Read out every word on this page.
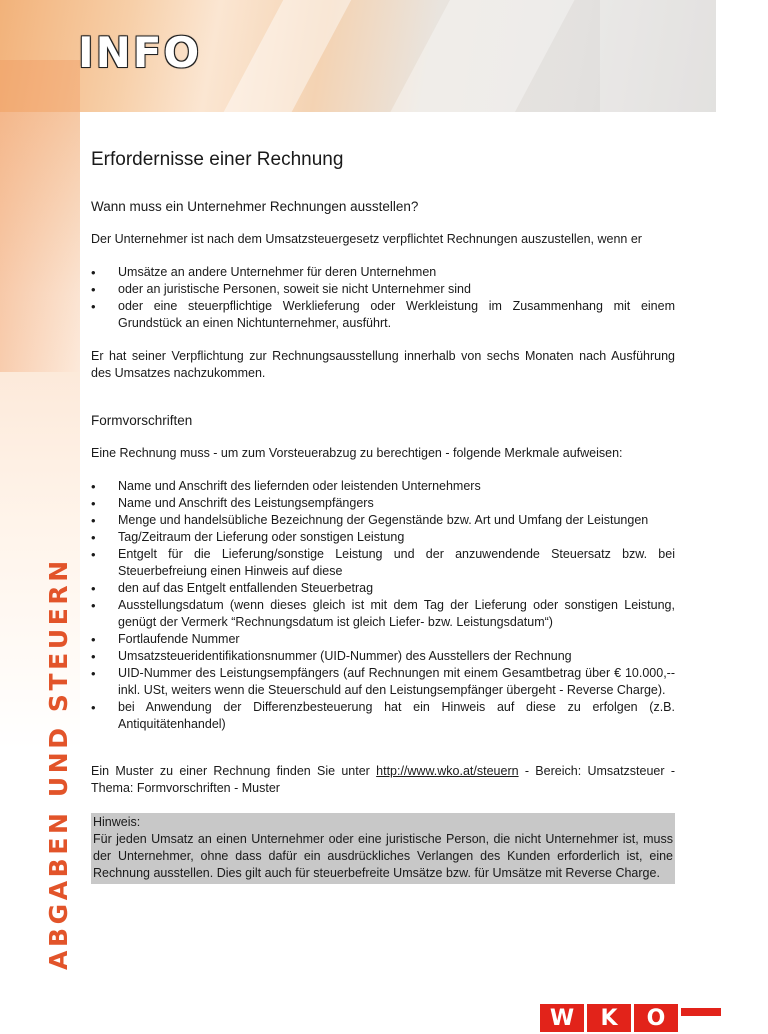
INFO
ABGABEN UND STEUERN
Erfordernisse einer Rechnung
Wann muss ein Unternehmer Rechnungen ausstellen?

Der Unternehmer ist nach dem Umsatzsteuergesetz verpflichtet Rechnungen auszustellen, wenn er

• Umsätze an andere Unternehmer für deren Unternehmen
• oder an juristische Personen, soweit sie nicht Unternehmer sind
• oder eine steuerpflichtige Werklieferung oder Werkleistung im Zusammenhang mit einem Grundstück an einen Nichtunternehmer, ausführt.

Er hat seiner Verpflichtung zur Rechnungsausstellung innerhalb von sechs Monaten nach Ausführung des Umsatzes nachzukommen.

Formvorschriften

Eine Rechnung muss - um zum Vorsteuerabzug zu berechtigen - folgende Merkmale aufweisen:

• Name und Anschrift des liefernden oder leistenden Unternehmers
• Name und Anschrift des Leistungsempfängers
• Menge und handelsübliche Bezeichnung der Gegenstände bzw. Art und Umfang der Leistungen
• Tag/Zeitraum der Lieferung oder sonstigen Leistung
• Entgelt für die Lieferung/sonstige Leistung und der anzuwendende Steuersatz bzw. bei Steuerbefreiung einen Hinweis auf diese
• den auf das Entgelt entfallenden Steuerbetrag
• Ausstellungsdatum (wenn dieses gleich ist mit dem Tag der Lieferung oder sonstigen Leistung, genügt der Vermerk “Rechnungsdatum ist gleich Liefer- bzw. Leistungsdatum“)
• Fortlaufende Nummer
• Umsatzsteueridentifikationsnummer (UID-Nummer) des Ausstellers der Rechnung
• UID-Nummer des Leistungsempfängers (auf Rechnungen mit einem Gesamtbetrag über € 10.000,-- inkl. USt, weiters wenn die Steuerschuld auf den Leistungsempfänger übergeht - Reverse Charge).
• bei Anwendung der Differenzbesteuerung hat ein Hinweis auf diese zu erfolgen (z.B. Antiquitätenhandel)

Ein Muster zu einer Rechnung finden Sie unter http://www.wko.at/steuern - Bereich: Umsatzsteuer - Thema: Formvorschriften - Muster

Hinweis:
Für jeden Umsatz an einen Unternehmer oder eine juristische Person, die nicht Unternehmer ist, muss der Unternehmer, ohne dass dafür ein ausdrückliches Verlangen des Kunden erforderlich ist, eine Rechnung ausstellen. Dies gilt auch für steuerbefreite Umsätze bzw. für Umsätze mit Reverse Charge.
W	K	O
